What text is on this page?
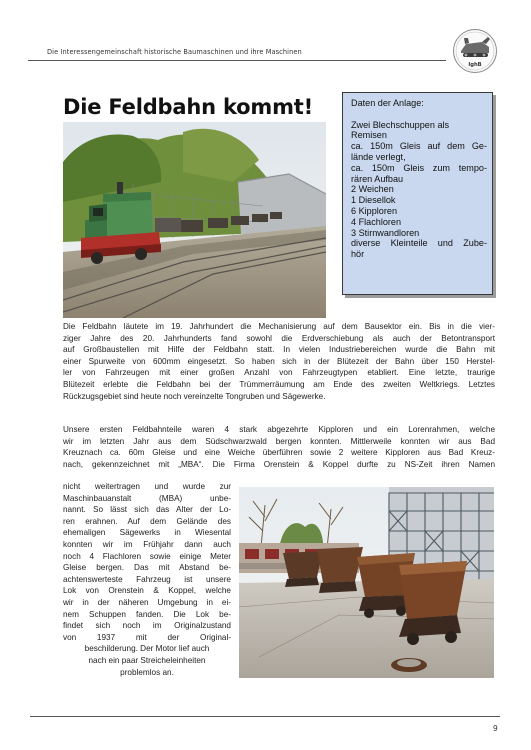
Die Interessengemeinschaft historische Baumaschinen und ihre Maschinen
IghB
Die Feldbahn kommt!	Daten der Anlage:
Zwei Blechschuppen als
Remisen
ca. 150m Gleis auf dem Ge-
lände verlegt,
ca. 150m Gleis zum tempo-
rären Aufbau
2 Weichen
1 Diesellok
6 Kipploren
4 Flachloren
3 Stirnwandloren
diverse Kleinteile und Zube-
hör
Die Feldbahn läutete im 19. Jahrhundert die Mechanisierung auf dem Bausektor ein. Bis in die vier-
ziger Jahre des 20. Jahrhunderts fand sowohl die Erdverschiebung als auch der Betontransport
auf Großbaustellen mit Hilfe der Feldbahn statt. In vielen Industriebereichen wurde die Bahn mit
einer Spurweite von 600mm eingesetzt. So haben sich in der Blütezeit der Bahn über 150 Herstel-
ler von Fahrzeugen mit einer großen Anzahl von Fahrzeugtypen etabliert. Eine letzte, traurige
Blütezeit erlebte die Feldbahn bei der Trümmerräumung am Ende des zweiten Weltkriegs. Letztes
Rückzugsgebiet sind heute noch vereinzelte Tongruben und Sägewerke.
Unsere ersten Feldbahnteile waren 4 stark abgezehrte Kipploren und ein Lorenrahmen, welche
wir im letzten Jahr aus dem Südschwarzwald bergen konnten. Mittlerweile konnten wir aus Bad
Kreuznach ca. 60m Gleise und eine Weiche überführen sowie 2 weitere Kipploren aus Bad Kreuz-
nach, gekennzeichnet mit „MBA“. Die Firma Orenstein & Koppel durfte zu NS-Zeit ihren Namen
nicht weitertragen und wurde zur
Maschinbauanstalt (MBA) unbe-
nannt. So lässt sich das Alter der Lo-
ren erahnen. Auf dem Gelände des
ehemaligen Sägewerks in Wiesental
konnten wir im Frühjahr dann auch
noch 4 Flachloren sowie einige Meter
Gleise bergen. Das mit Abstand be-
achtenswerteste Fahrzeug ist unsere
Lok von Orenstein & Koppel, welche
wir in der näheren Umgebung in ei-
nem Schuppen fanden. Die Lok be-
findet sich noch im Originalzustand
von 1937 mit der Original-
beschilderung. Der Motor lief auch
nach ein paar Streicheleinheiten
problemlos an.
9
